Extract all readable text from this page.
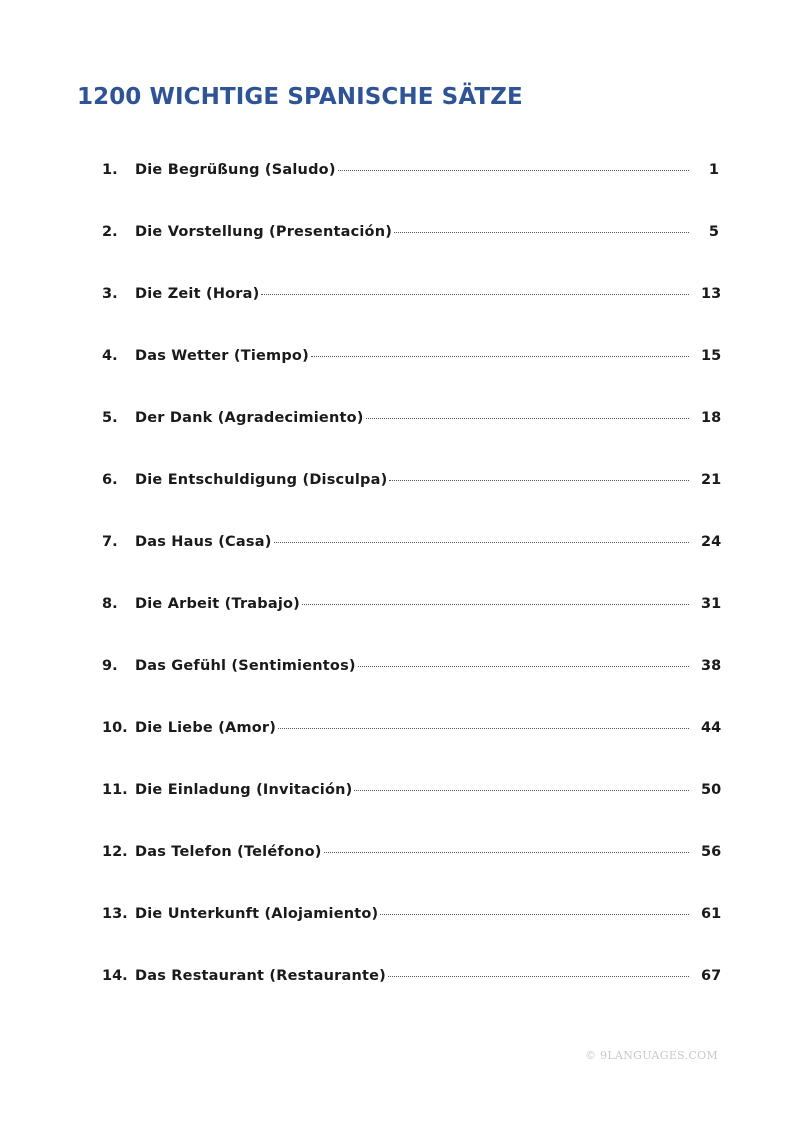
1200 WICHTIGE SPANISCHE SÄTZE
1.	Die Begrüßung (Saludo)	1
2.	Die Vorstellung (Presentación)	5
3.	Die Zeit (Hora)	13
4.	Das Wetter (Tiempo)	15
5.	Der Dank (Agradecimiento)	18
6.	Die Entschuldigung (Disculpa)	21
7.	Das Haus (Casa)	24
8.	Die Arbeit (Trabajo)	31
9.	Das Gefühl (Sentimientos)	38
10. Die Liebe (Amor)	44
11. Die Einladung (Invitación)	50
12. Das Telefon (Teléfono)	56
13. Die Unterkunft (Alojamiento)	61
14. Das Restaurant (Restaurante)	67

© 9LANGUAGES.COM
